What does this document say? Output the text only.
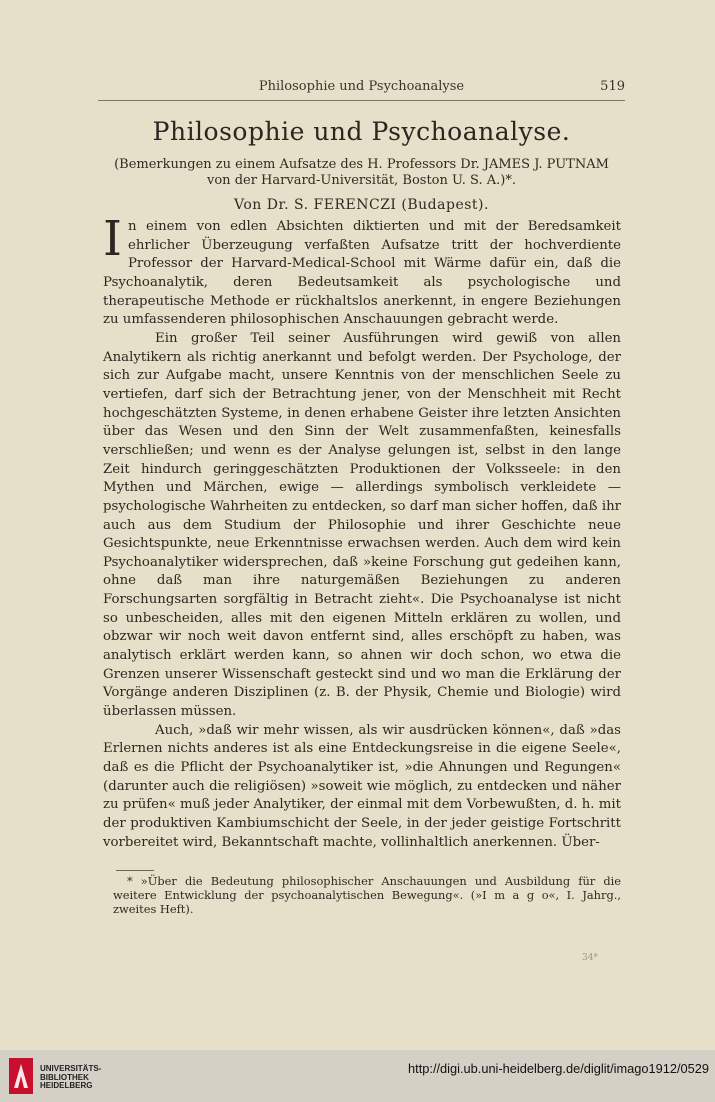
Philosophie und Psychoanalyse	519
Philosophie und Psychoanalyse.
(Bemerkungen zu einem Aufsatze des H. Professors Dr. JAMES J. PUTNAM
von der Harvard-Universität, Boston U. S. A.)*.
Von Dr. S. FERENCZI (Budapest).

In einem von edlen Absichten diktierten und mit der Beredsamkeit ehrlicher Überzeugung verfaßten Aufsatze tritt der hochverdiente Professor der Harvard-Medical-School mit Wärme dafür ein, daß die Psychoanalytik, deren Bedeutsamkeit als psychologische und therapeutische Methode er rückhaltslos anerkennt, in engere Beziehungen zu umfassenderen philosophischen Anschauungen gebracht werde.

Ein großer Teil seiner Ausführungen wird gewiß von allen Analytikern als richtig anerkannt und befolgt werden. Der Psychologe, der sich zur Aufgabe macht, unsere Kenntnis von der menschlichen Seele zu vertiefen, darf sich der Betrachtung jener, von der Menschheit mit Recht hochgeschätzten Systeme, in denen erhabene Geister ihre letzten Ansichten über das Wesen und den Sinn der Welt zusammenfaßten, keinesfalls verschließen; und wenn es der Analyse gelungen ist, selbst in den lange Zeit hindurch geringgeschätzten Produktionen der Volksseele: in den Mythen und Märchen, ewige — allerdings symbolisch verkleidete — psychologische Wahrheiten zu entdecken, so darf man sicher hoffen, daß ihr auch aus dem Studium der Philosophie und ihrer Geschichte neue Gesichtspunkte, neue Erkenntnisse erwachsen werden. Auch dem wird kein Psychoanalytiker widersprechen, daß »keine Forschung gut gedeihen kann, ohne daß man ihre naturgemäßen Beziehungen zu anderen Forschungsarten sorgfältig in Betracht zieht«. Die Psychoanalyse ist nicht so unbescheiden, alles mit den eigenen Mitteln erklären zu wollen, und obzwar wir noch weit davon entfernt sind, alles erschöpft zu haben, was analytisch erklärt werden kann, so ahnen wir doch schon, wo etwa die Grenzen unserer Wissenschaft gesteckt sind und wo man die Erklärung der Vorgänge anderen Disziplinen (z. B. der Physik, Chemie und Biologie) wird überlassen müssen.

Auch, »daß wir mehr wissen, als wir ausdrücken können«, daß »das Erlernen nichts anderes ist als eine Entdeckungsreise in die eigene Seele«, daß es die Pflicht der Psychoanalytiker ist, »die Ahnungen und Regungen« (darunter auch die religiösen) »soweit wie möglich, zu entdecken und näher zu prüfen« muß jeder Analytiker, der einmal mit dem Vorbewußten, d. h. mit der produktiven Kambiumschicht der Seele, in der jeder geistige Fortschritt vorbereitet wird, Bekanntschaft machte, vollinhaltlich anerkennen. Über-

* »Über die Bedeutung philosophischer Anschauungen und Ausbildung für die weitere Entwicklung der psychoanalytischen Bewegung«. (»I m a g o«, I. Jahrg., zweites Heft).

34*
UNIVERSITÄTS-
BIBLIOTHEK
HEIDELBERG
http://digi.ub.uni-heidelberg.de/diglit/imago1912/0529
